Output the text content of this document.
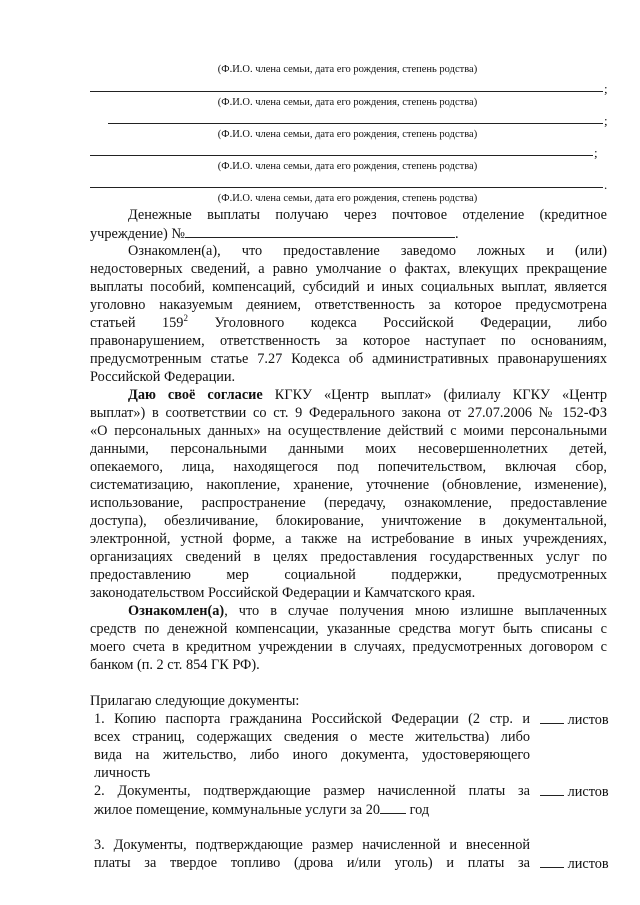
(Ф.И.О. члена семьи, дата его рождения, степень родства)
;
(Ф.И.О. члена семьи, дата его рождения, степень родства)
;
(Ф.И.О. члена семьи, дата его рождения, степень родства)
;
(Ф.И.О. члена семьи, дата его рождения, степень родства)
.
(Ф.И.О. члена семьи, дата его рождения, степень родства)
Денежные выплаты получаю через почтовое отделение (кредитное
учреждение) №	.
Ознакомлен(а), что предоставление заведомо ложных и (или)
недостоверных сведений, а равно умолчание о фактах, влекущих прекращение
выплаты пособий, компенсаций, субсидий и иных социальных выплат, является
уголовно наказуемым деянием, ответственность за которое предусмотрена
статьей $159^2$ Уголовного кодекса Российской Федерации, либо
правонарушением, ответственность за которое наступает по основаниям,
предусмотренным статье 7.27 Кодекса об административных правонарушениях
Российской Федерации.
Даю своё согласие КГКУ «Центр выплат» (филиалу КГКУ «Центр
выплат») в соответствии со ст. 9 Федерального закона от 27.07.2006 № 152-ФЗ
«О персональных данных» на осуществление действий с моими персональными
данными, персональными данными моих несовершеннолетних детей,
опекаемого, лица, находящегося под попечительством, включая сбор,
систематизацию, накопление, хранение, уточнение (обновление, изменение),
использование, распространение (передачу, ознакомление, предоставление
доступа), обезличивание, блокирование, уничтожение в документальной,
электронной, устной форме, а также на истребование в иных учреждениях,
организациях сведений в целях предоставления государственных услуг по
предоставлению мер социальной поддержки, предусмотренных
законодательством Российской Федерации и Камчатского края.
Ознакомлен(а), что в случае получения мною излишне выплаченных
средств по денежной компенсации, указанные средства могут быть списаны с
моего счета в кредитном учреждении в случаях, предусмотренных договором с
банком (п. 2 ст. 854 ГК РФ).
Прилагаю следующие документы:
1. Копию паспорта гражданина Российской Федерации (2 стр. и	листов
всех страниц, содержащих сведения о месте жительства) либо
вида на жительство, либо иного документа, удостоверяющего
личность
2. Документы, подтверждающие размер начисленной платы за	листов
жилое помещение, коммунальные услуги за 20 год
3. Документы, подтверждающие размер начисленной и внесенной
платы за твердое топливо (дрова и/или уголь) и платы за	листов
